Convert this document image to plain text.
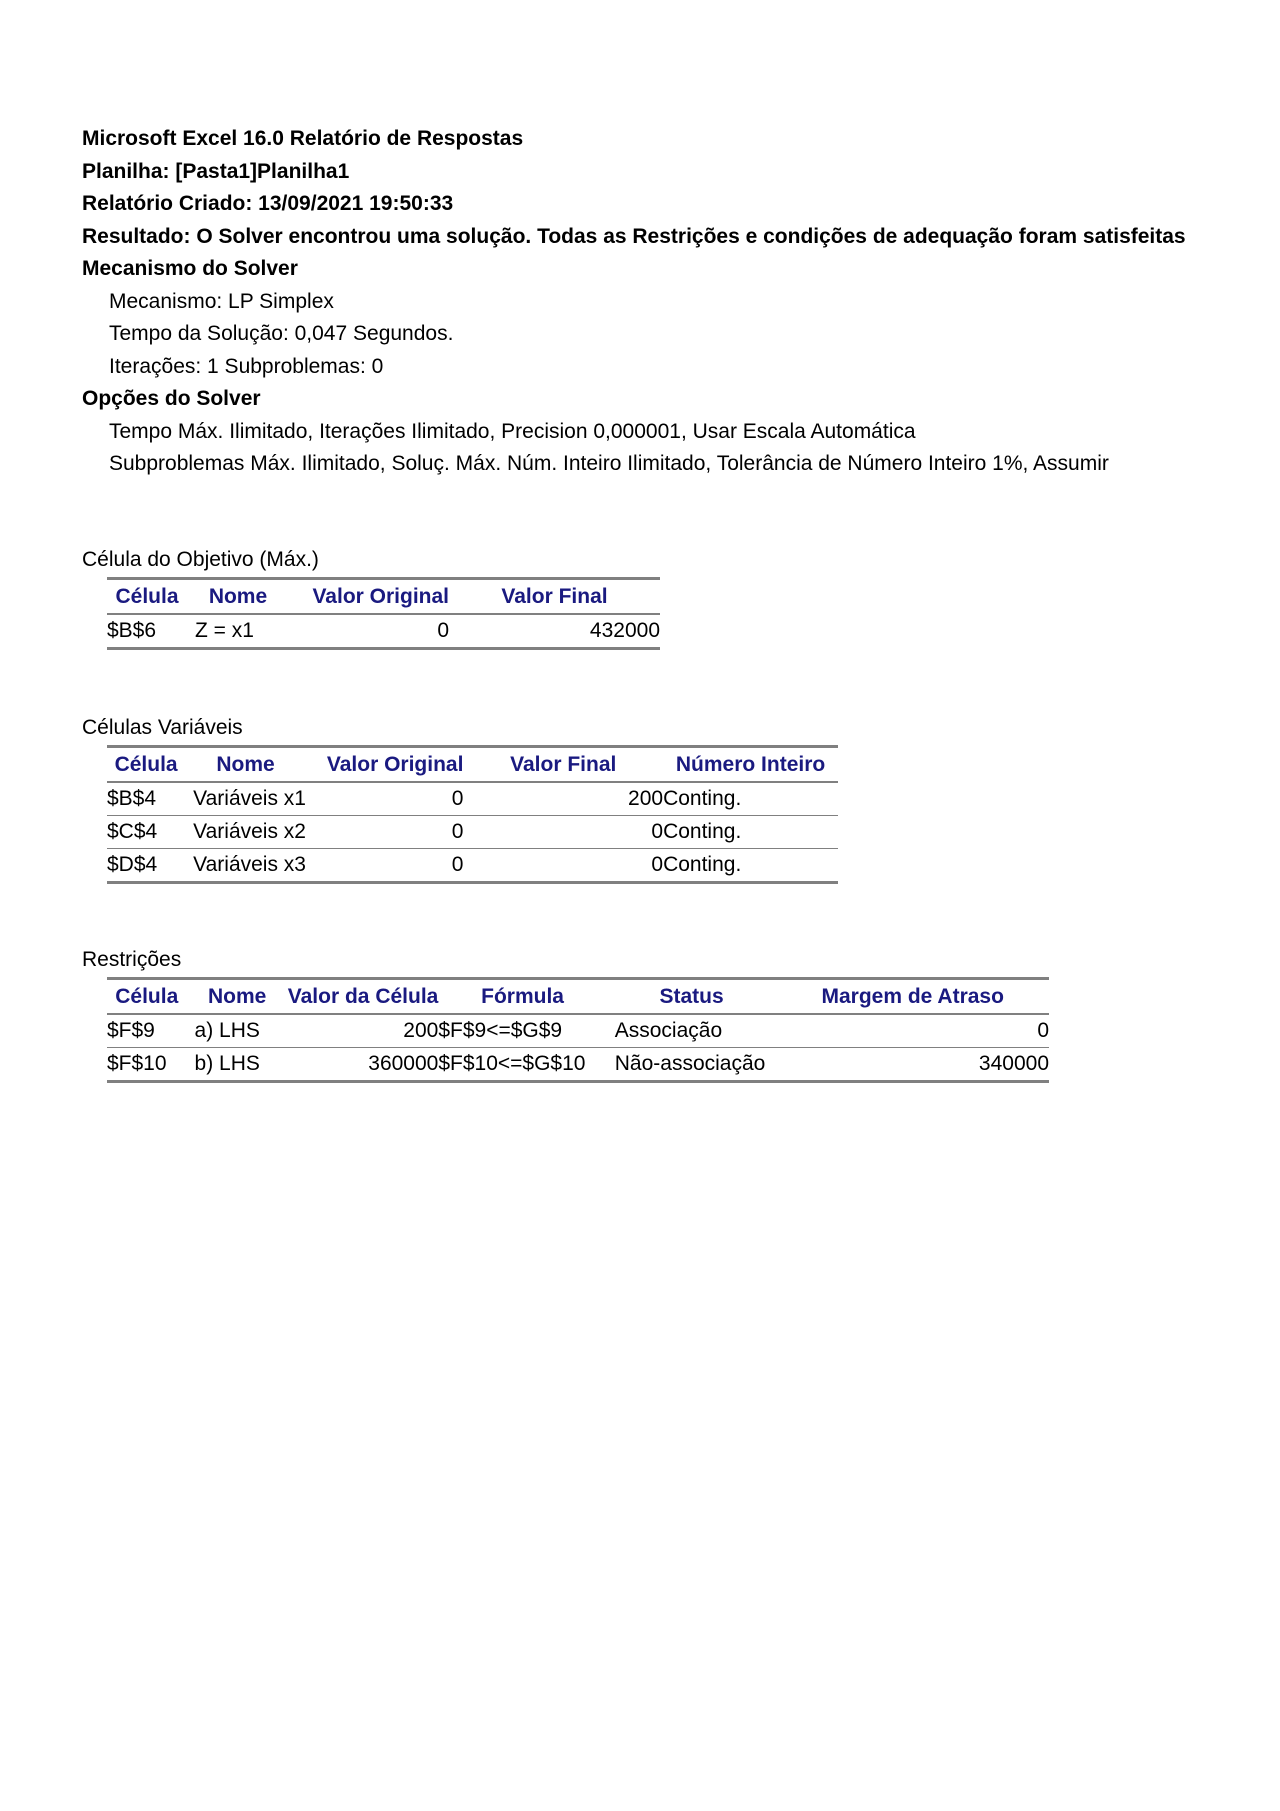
Microsoft Excel 16.0 Relatório de Respostas
Planilha: [Pasta1]Planilha1
Relatório Criado: 13/09/2021 19:50:33
Resultado: O Solver encontrou uma solução. Todas as Restrições e condições de adequação foram satisfeitas
Mecanismo do Solver
Mecanismo: LP Simplex
Tempo da Solução: 0,047 Segundos.
Iterações: 1 Subproblemas: 0
Opções do Solver
Tempo Máx. Ilimitado, Iterações Ilimitado, Precision 0,000001, Usar Escala Automática
Subproblemas Máx. Ilimitado, Soluç. Máx. Núm. Inteiro Ilimitado, Tolerância de Número Inteiro 1%, Assumir
Célula do Objetivo (Máx.)
Célula	Nome	Valor Original	Valor Final
$B$6	Z = x1	0	432000
Células Variáveis
Célula	Nome	Valor Original	Valor Final	Número Inteiro
$B$4	Variáveis x1	0	200	Conting.
$C$4	Variáveis x2	0	0	Conting.
$D$4	Variáveis x3	0	0	Conting.
Restrições
Célula	Nome	Valor da Célula	Fórmula	Status	Margem de Atraso
$F$9	a) LHS	200	$F$9<=$G$9	Associação	0
$F$10	b) LHS	360000	$F$10<=$G$10	Não-associação	340000
